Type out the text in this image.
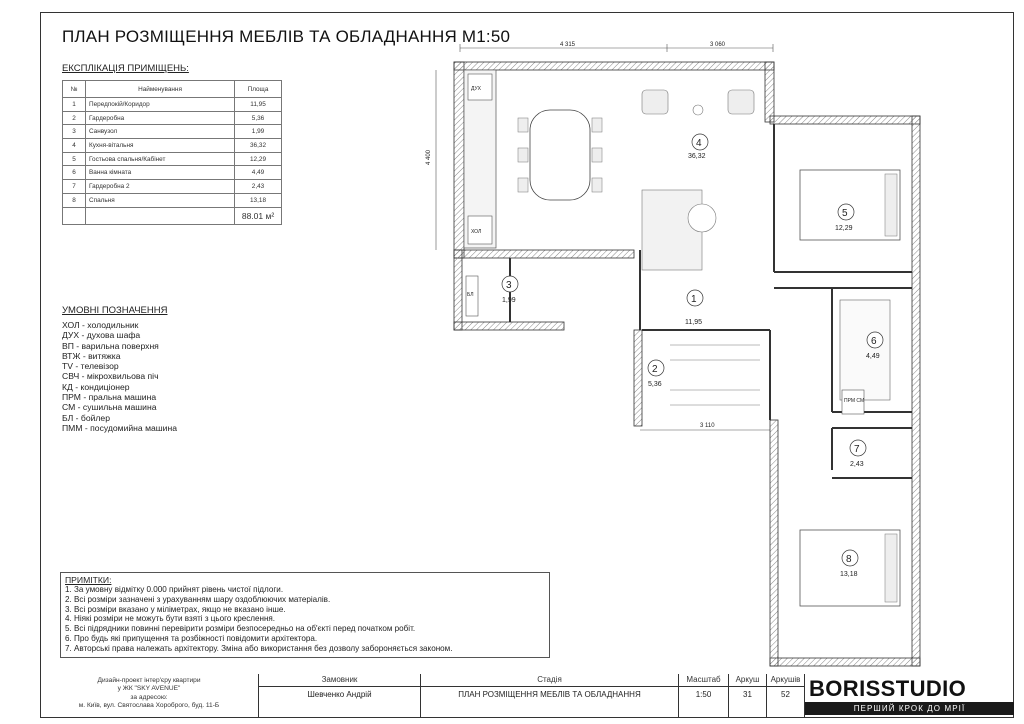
ПЛАН РОЗМІЩЕННЯ МЕБЛІВ ТА ОБЛАДНАННЯ М1:50
ЕКСПЛІКАЦІЯ ПРИМІЩЕНЬ:
№	Найменування	Площа
1	Передпокій/Коридор	11,95
2	Гардеробна	5,36
3	Санвузол	1,99
4	Кухня-вітальня	36,32
5	Гостьова спальня/Кабінет	12,29
6	Ванна кімната	4,49
7	Гардеробна 2	2,43
8	Спальня	13,18
		88.01 м²
УМОВНІ ПОЗНАЧЕННЯ
ХОЛ - холодильник
ДУХ - духова шафа
ВП - варильна поверхня
ВТЖ - витяжка
TV - телевізор
СВЧ - мікрохвильова піч
КД - кондиціонер
ПРМ - пральна машина
СМ - сушильна машина
БЛ - бойлер
ПММ - посудомийна машина
ПРИМІТКИ:
1. За умовну відмітку 0.000 прийнят рівень чистої підлоги.
2. Всі розміри зазначені з урахуванням шару оздоблюючих матеріалів.
3. Всі розміри вказано у міліметрах, якщо не вказано інше.
4. Ніякі розміри не можуть бути взяті з цього креслення.
5. Всі підрядники повинні перевірити розміри безпосередньо на об'єкті перед початком робіт.
6. Про будь які припущення та розбіжності повідомити архітектора.
7. Авторські права належать архітектору. Зміна або використання без дозволу забороняється законом.
4 315	3 060
3 110
4 400
ДУХ
ХОЛ
ПРМ СМ
БЛ
4
36,32
5
12,29
1
11,95
2
5,36
3
1,99
6
4,49
7
2,43
8
13,18
Дизайн-проект інтер'єру квартири
у ЖК "SKY AVENUE"
за адресою:
м. Київ, вул. Святослава Хороброго, буд. 11-Б
Замовник
Шевченко Андрій
Стадія
ПЛАН РОЗМІЩЕННЯ МЕБЛІВ ТА ОБЛАДНАННЯ
Масштаб
1:50
Аркуш
31
Аркушів
52 BORISSTUDIO
ПЕРШИЙ КРОК ДО МРІЇ
